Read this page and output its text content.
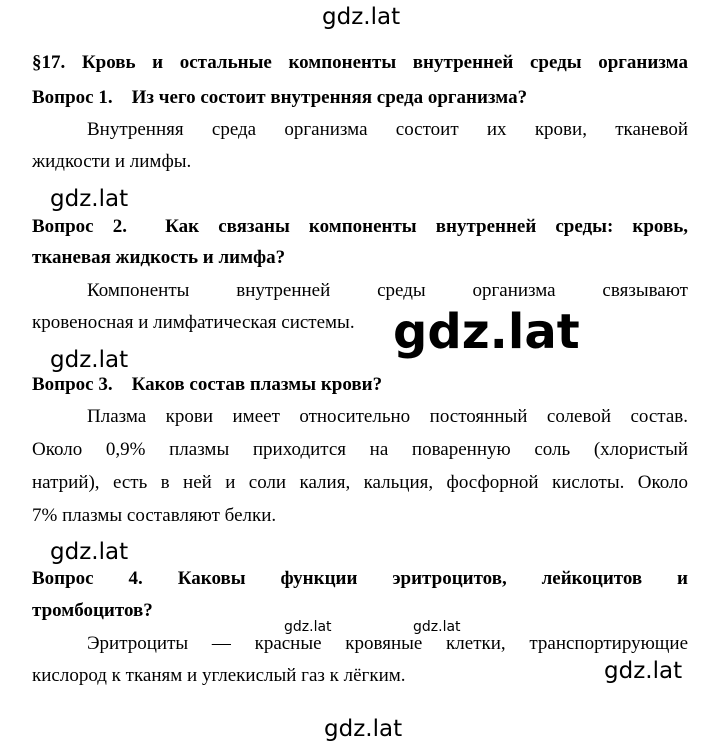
§17. Кровь и остальные компоненты внутренней среды организма
Вопрос 1. Из чего состоит внутренняя среда организма?
Внутренняя среда организма состоит их крови, тканевой
жидкости и лимфы.
Вопрос 2. Как связаны компоненты внутренней среды: кровь,
тканевая жидкость и лимфа?
Компоненты внутренней среды организма связывают
кровеносная и лимфатическая системы.
Вопрос 3. Каков состав плазмы крови?
Плазма крови имеет относительно постоянный солевой состав.
Около 0,9% плазмы приходится на поваренную соль (хлористый
натрий), есть в ней и соли калия, кальция, фосфорной кислоты. Около
7% плазмы составляют белки.
Вопрос 4. Каковы функции эритроцитов, лейкоцитов и
тромбоцитов?
Эритроциты — красные кровяные клетки, транспортирующие
кислород к тканям и углекислый газ к лёгким.
gdz.lat
gdz.lat
gdz.lat
gdz.lat
gdz.lat
gdz.lat	gdz.lat
gdz.lat
gdz.lat
